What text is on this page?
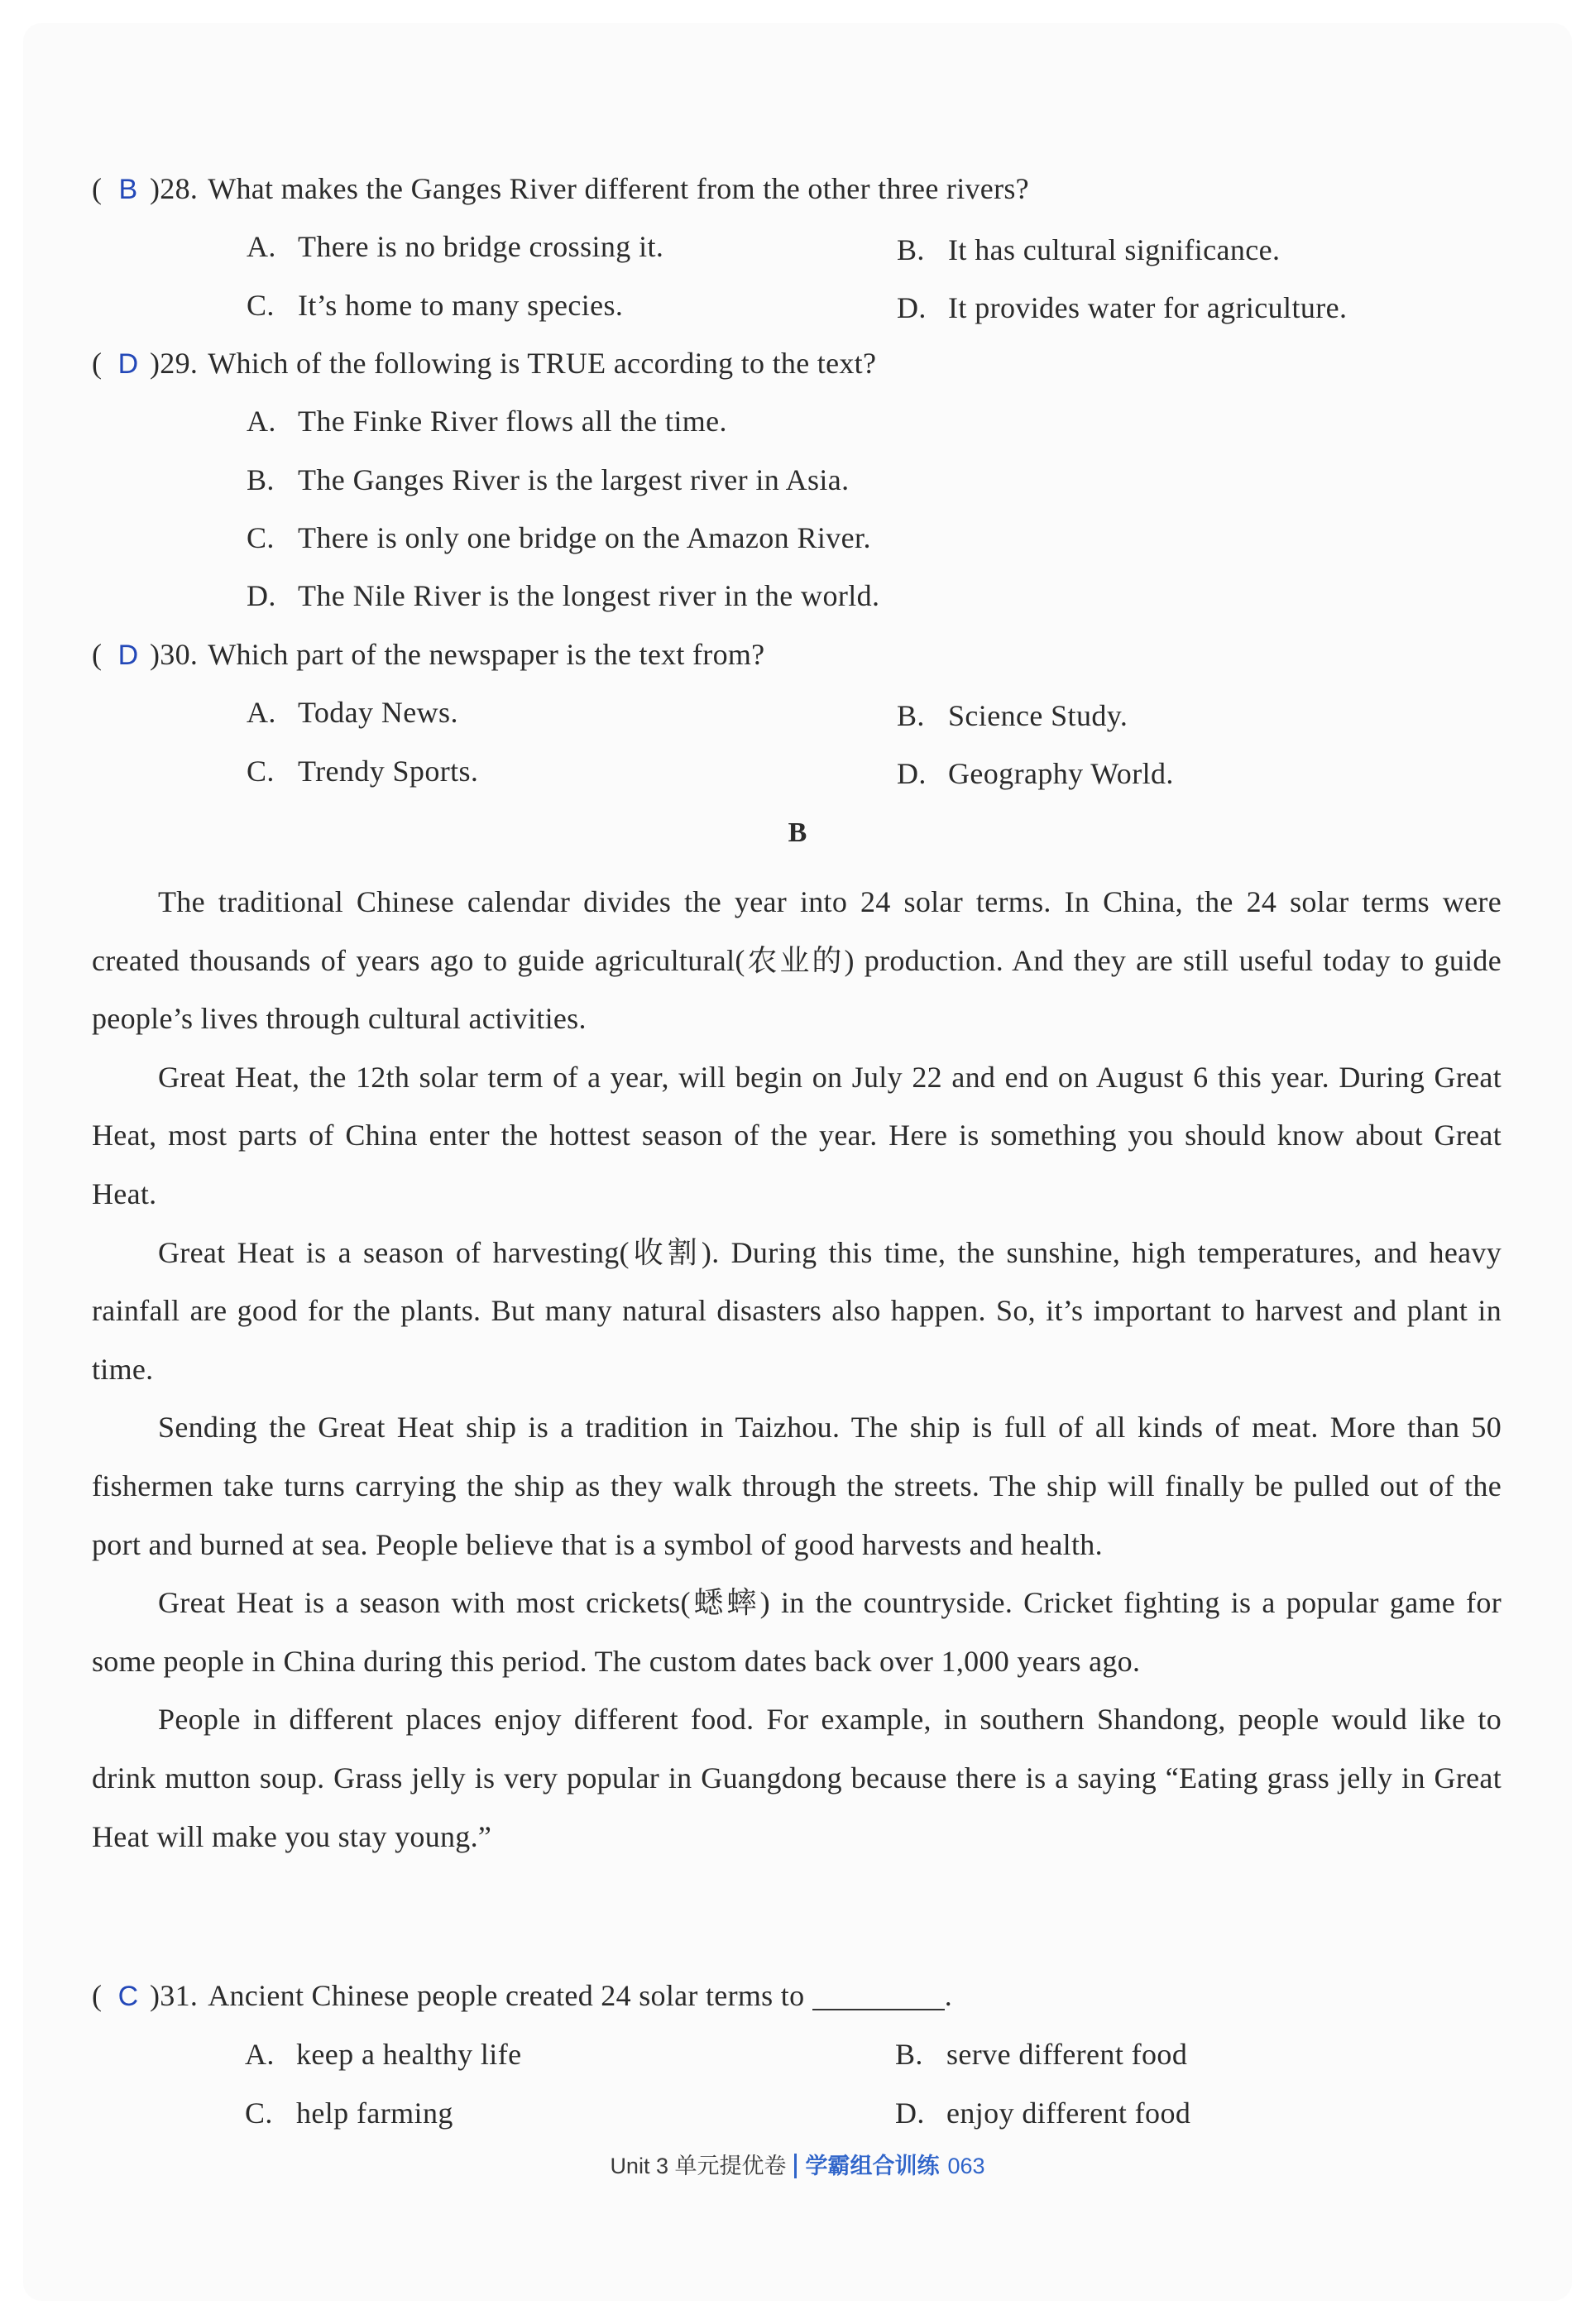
( B )28. What makes the Ganges River different from the other three rivers?
A. There is no bridge crossing it.	B. It has cultural significance.
C. It’s home to many species.	D. It provides water for agriculture.
( D )29. Which of the following is TRUE according to the text?
A. The Finke River flows all the time.
B. The Ganges River is the largest river in Asia.
C. There is only one bridge on the Amazon River.
D. The Nile River is the longest river in the world.
( D )30. Which part of the newspaper is the text from?
A. Today News.	B. Science Study.
C. Trendy Sports.	D. Geography World.
B

The traditional Chinese calendar divides the year into 24 solar terms. In China, the 24 solar terms were created thousands of years ago to guide agricultural(农业的) production. And they are still useful today to guide people’s lives through cultural activities.

Great Heat, the 12th solar term of a year, will begin on July 22 and end on August 6 this year. During Great Heat, most parts of China enter the hottest season of the year. Here is something you should know about Great Heat.

Great Heat is a season of harvesting(收割). During this time, the sunshine, high temperatures, and heavy rainfall are good for the plants. But many natural disasters also happen. So, it’s important to harvest and plant in time.

Sending the Great Heat ship is a tradition in Taizhou. The ship is full of all kinds of meat. More than 50 fishermen take turns carrying the ship as they walk through the streets. The ship will finally be pulled out of the port and burned at sea. People believe that is a symbol of good harvests and health.

Great Heat is a season with most crickets(蟋蟀) in the countryside. Cricket fighting is a popular game for some people in China during this period. The custom dates back over 1,000 years ago.

People in different places enjoy different food. For example, in southern Shandong, people would like to drink mutton soup. Grass jelly is very popular in Guangdong because there is a saying “Eating grass jelly in Great Heat will make you stay young.”

( C )31. Ancient Chinese people created 24 solar terms to	.
A. keep a healthy life	B. serve different food
C. help farming	D. enjoy different food
Unit 3 单元提优卷 学霸组合训练 063
